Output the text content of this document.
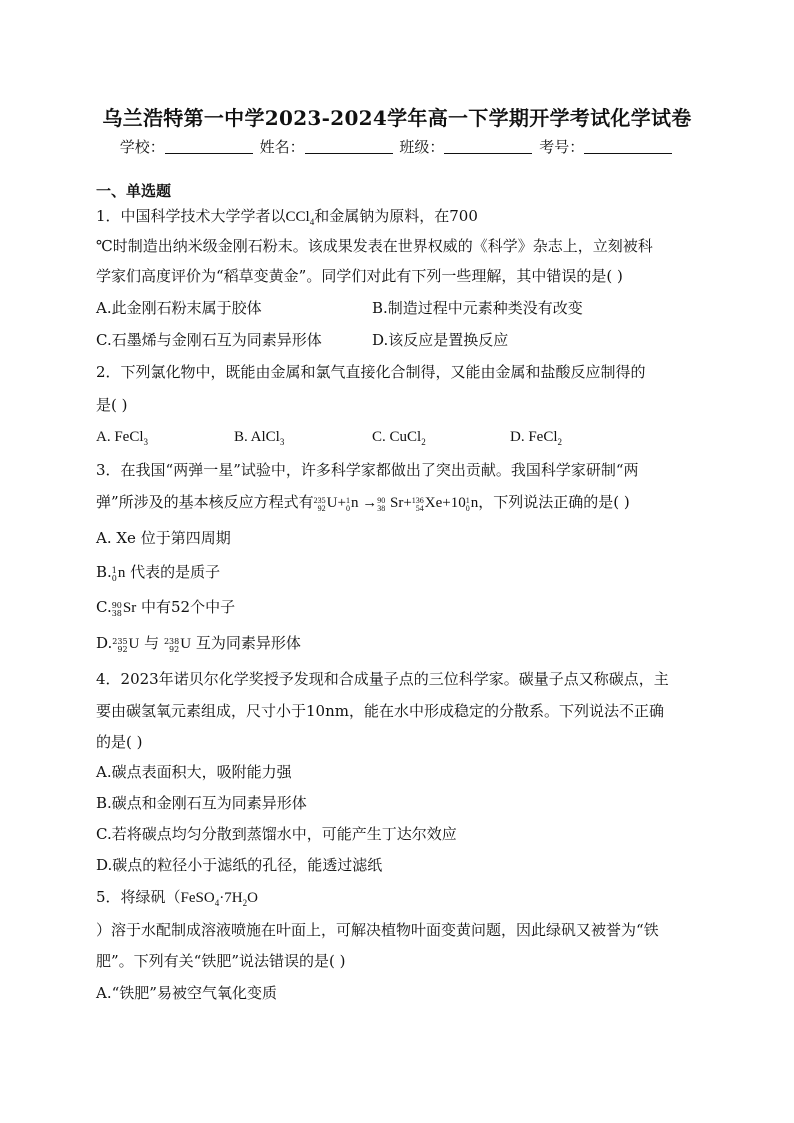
乌兰浩特第一中学2023-2024学年高一下学期开学考试化学试卷
学校：	姓名：	班级：	考号：
一、单选题
1．中国科学技术大学学者以CCl$_4$和金属钠为原料，在700
℃时制造出纳米级金刚石粉末。该成果发表在世界权威的《科学》杂志上，立刻被科
学家们高度评价为“稻草变黄金”。同学们对此有下列一些理解，其中错误的是( )
A.此金刚石粉末属于胶体	B.制造过程中元素种类没有改变
C.石墨烯与金刚石互为同素异形体	D.该反应是置换反应
2．下列氯化物中，既能由金属和氯气直接化合制得，又能由金属和盐酸反应制得的
是( )
A. FeCl$_3$	B. AlCl$_3$	C. CuCl$_2$	D. FeCl$_2$
3．在我国“两弹一星”试验中，许多科学家都做出了突出贡献。我国科学家研制“两
弹”所涉及的基本核反应方程式有 235
92 U+ 1
0 n → 90
38 Sr+ 136
54 Xe+10 1
0 n，下列说法正确的是( )
A. Xe 位于第四周期
B. 1
0 n 代表的是质子
C. 90
38 Sr 中有52个中子
D. 235
92 U 与 238
92 U 互为同素异形体
4．2023年诺贝尔化学奖授予发现和合成量子点的三位科学家。碳量子点又称碳点，主
要由碳氢氧元素组成，尺寸小于10nm，能在水中形成稳定的分散系。下列说法不正确
的是( )
A.碳点表面积大，吸附能力强
B.碳点和金刚石互为同素异形体
C.若将碳点均匀分散到蒸馏水中，可能产生丁达尔效应
D.碳点的粒径小于滤纸的孔径，能透过滤纸
5．将绿矾（$FeSO_4\cdot 7H_2O$
）溶于水配制成溶液喷施在叶面上，可解决植物叶面变黄问题，因此绿矾又被誉为“铁
肥”。下列有关“铁肥”说法错误的是( )
A.“铁肥”易被空气氧化变质
